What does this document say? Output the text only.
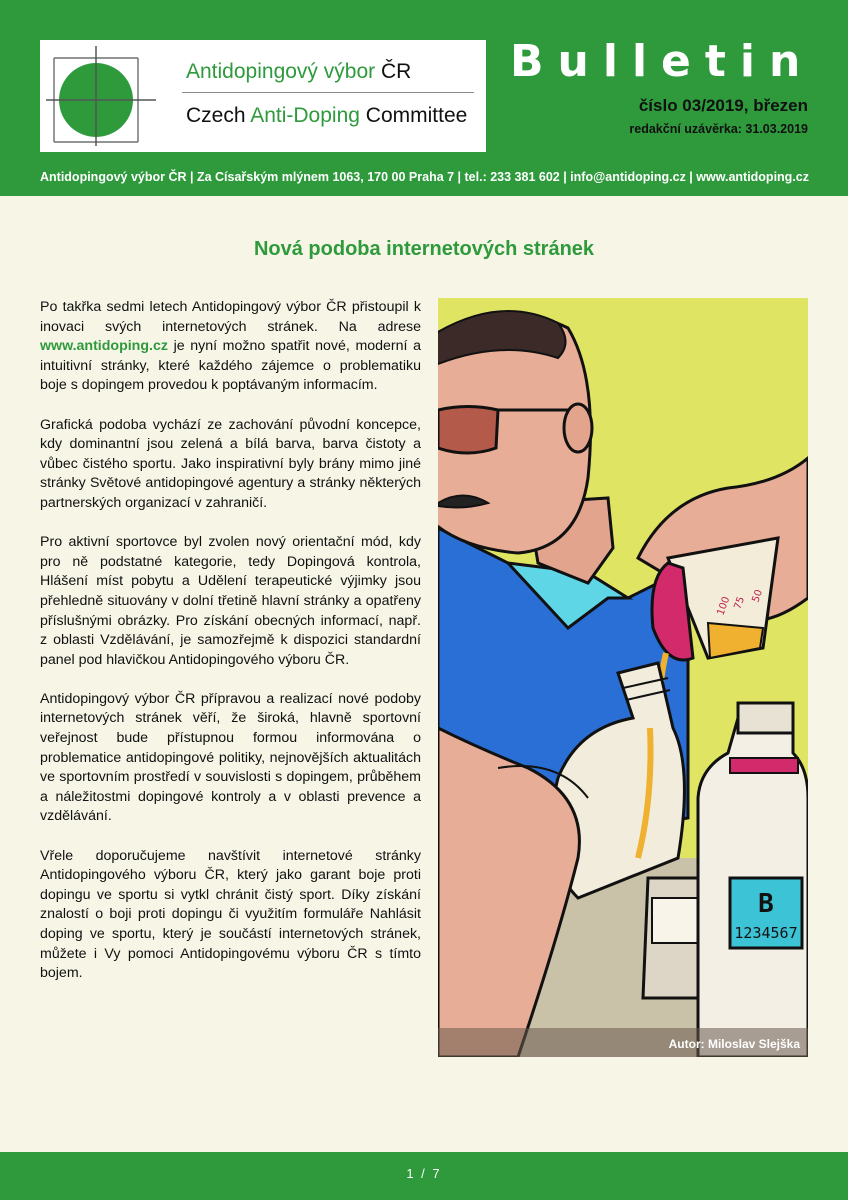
Antidopingový výbor ČR
Czech Anti-Doping Committee
Bulletin
číslo 03/2019, březen
redakční uzávěrka: 31.03.2019
Antidopingový výbor ČR | Za Císařským mlýnem 1063, 170 00 Praha 7 | tel.: 233 381 602 | info@antidoping.cz | www.antidoping.cz
Nová podoba internetových stránek

Po takřka sedmi letech Antidopingový výbor ČR přistoupil k inovaci svých internetových stránek. Na adrese www.antidoping.cz je nyní možno spatřit nové, moderní a intuitivní stránky, které každého zájemce o problematiku boje s dopingem provedou k poptávaným informacím.

Grafická podoba vychází ze zachování původní koncepce, kdy dominantní jsou zelená a bílá barva, barva čistoty a vůbec čistého sportu. Jako inspirativní byly brány mimo jiné stránky Světové antidopingové agentury a stránky některých partnerských organizací v zahraničí.

Pro aktivní sportovce byl zvolen nový orientační mód, kdy pro ně podstatné kategorie, tedy Dopingová kontrola, Hlášení míst pobytu a Udělení terapeutické výjimky jsou přehledně situovány v dolní třetině hlavní stránky a opatřeny příslušnými obrázky. Pro získání obecných informací, např. z oblasti Vzdělávání, je samozřejmě k dispozici standardní panel pod hlavičkou Antidopingového výboru ČR.

Antidopingový výbor ČR přípravou a realizací nové podoby internetových stránek věří, že široká, hlavně sportovní veřejnost bude přístupnou formou informována o problematice antidopingové politiky, nejnovějších aktualitách ve sportovním prostředí v souvislosti s dopingem, průběhem a náležitostmi dopingové kontroly a v oblasti prevence a vzdělávání.

Vřele doporučujeme navštívit internetové stránky Antidopingového výboru ČR, který jako garant boje proti dopingu ve sportu si vytkl chránit čistý sport. Díky získání znalostí o boji proti dopingu či využitím formuláře Nahlásit doping ve sportu, který je součástí internetových stránek, můžete i Vy pomoci Antidopingovému výboru ČR s tímto bojem.

100 75 50
B
1234567
Autor: Miloslav Slejška
1 / 7
